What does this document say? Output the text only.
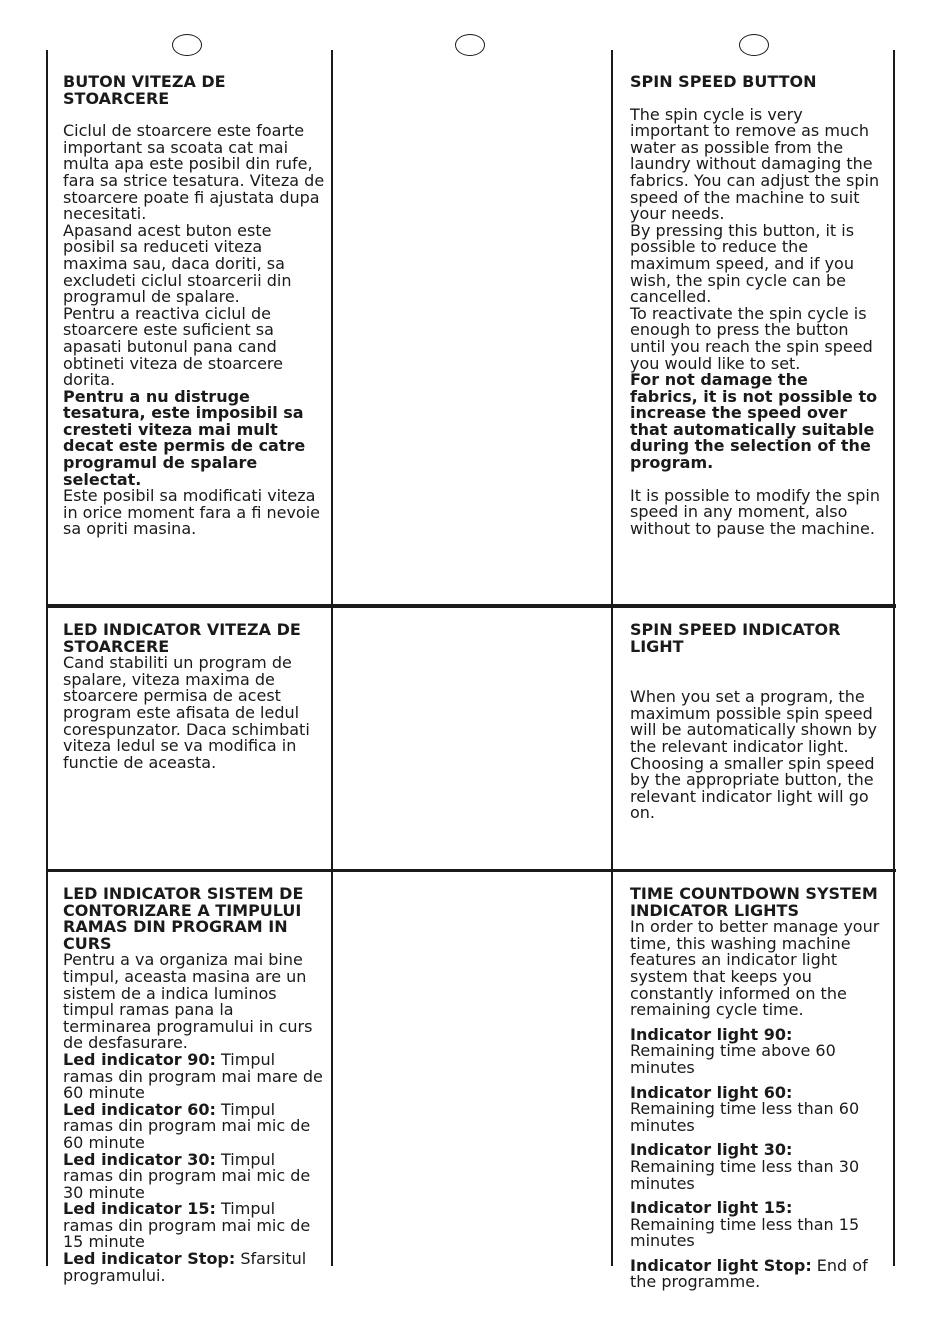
BUTON VITEZA DE STOARCERE

Ciclul de stoarcere este foarte important sa scoata cat mai multa apa este posibil din rufe, fara sa strice tesatura. Viteza de stoarcere poate fi ajustata dupa necesitati.

Apasand acest buton este posibil sa reduceti viteza maxima sau, daca doriti, sa excludeti ciclul stoarcerii din programul de spalare.

Pentru a reactiva ciclul de stoarcere este suficient sa apasati butonul pana cand obtineti viteza de stoarcere dorita.

Pentru a nu distruge tesatura, este imposibil sa cresteti viteza mai mult decat este permis de catre programul de spalare selectat.

Este posibil sa modificati viteza in orice moment fara a fi nevoie sa opriti masina.

SPIN SPEED BUTTON

The spin cycle is very important to remove as much water as possible from the laundry without damaging the fabrics. You can adjust the spin speed of the machine to suit your needs.

By pressing this button, it is possible to reduce the maximum speed, and if you wish, the spin cycle can be cancelled.

To reactivate the spin cycle is enough to press the button until you reach the spin speed you would like to set.

For not damage the fabrics, it is not possible to increase the speed over that automatically suitable during the selection of the program.

It is possible to modify the spin speed in any moment, also without to pause the machine.

LED INDICATOR VITEZA DE STOARCERE

Cand stabiliti un program de spalare, viteza maxima de stoarcere permisa de acest program este afisata de ledul corespunzator. Daca schimbati viteza ledul se va modifica in functie de aceasta.

SPIN SPEED INDICATOR LIGHT

When you set a program, the maximum possible spin speed will be automatically shown by the relevant indicator light.

Choosing a smaller spin speed by the appropriate button, the relevant indicator light will go on.

LED INDICATOR SISTEM DE CONTORIZARE A TIMPULUI RAMAS DIN PROGRAM IN CURS

Pentru a va organiza mai bine timpul, aceasta masina are un sistem de a indica luminos timpul ramas pana la terminarea programului in curs de desfasurare.

Led indicator 90: Timpul ramas din program mai mare de 60 minute

Led indicator 60: Timpul ramas din program mai mic de 60 minute

Led indicator 30: Timpul ramas din program mai mic de 30 minute

Led indicator 15: Timpul ramas din program mai mic de 15 minute

Led indicator Stop: Sfarsitul programului.

TIME COUNTDOWN SYSTEM INDICATOR LIGHTS

In order to better manage your time, this washing machine features an indicator light system that keeps you constantly informed on the remaining cycle time.

Indicator light 90: Remaining time above 60 minutes

Indicator light 60: Remaining time less than 60 minutes

Indicator light 30: Remaining time less than 30 minutes

Indicator light 15: Remaining time less than 15 minutes

Indicator light Stop: End of the programme.
